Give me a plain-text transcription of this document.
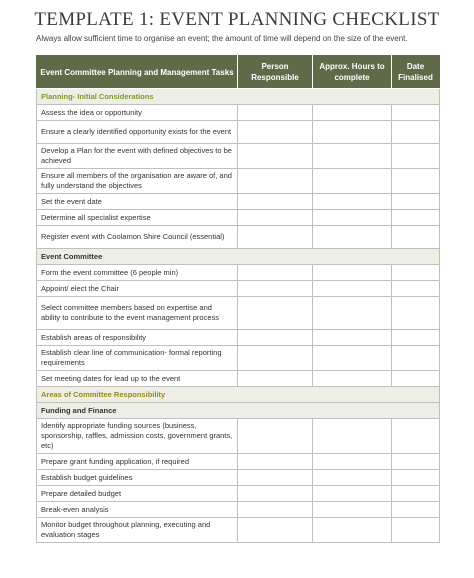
TEMPLATE 1: EVENT PLANNING CHECKLIST
Always allow sufficient time to organise an event; the amount of time will depend on the size of the event.
Event Committee Planning and Management Tasks	Person Responsible	Approx. Hours to complete	Date Finalised
Planning- Initial Considerations			
Assess the idea or opportunity			
Ensure a clearly identified opportunity exists for the event			
Develop a Plan for the event with defined objectives to be achieved			
Ensure all members of the organisation are aware of, and fully understand the objectives			
Set the event date			
Determine all specialist expertise			
Register event with Coolamon Shire Council (essential)			
Event Committee			
Form the event committee (6 people min)			
Appoint/ elect the Chair			
Select committee members based on expertise and ability to contribute to the event management process			
Establish areas of responsibility			
Establish clear line of communication- formal reporting requirements			
Set meeting dates for lead up to the event			
Areas of Committee Responsibility			
Funding and Finance			
Identify appropriate funding sources (business, sponsorship, raffles, admission costs, government grants, etc)			
Prepare grant funding application, if required			
Establish budget guidelines			
Prepare detailed budget			
Break-even analysis			
Monitor budget throughout planning, executing and evaluation stages			
